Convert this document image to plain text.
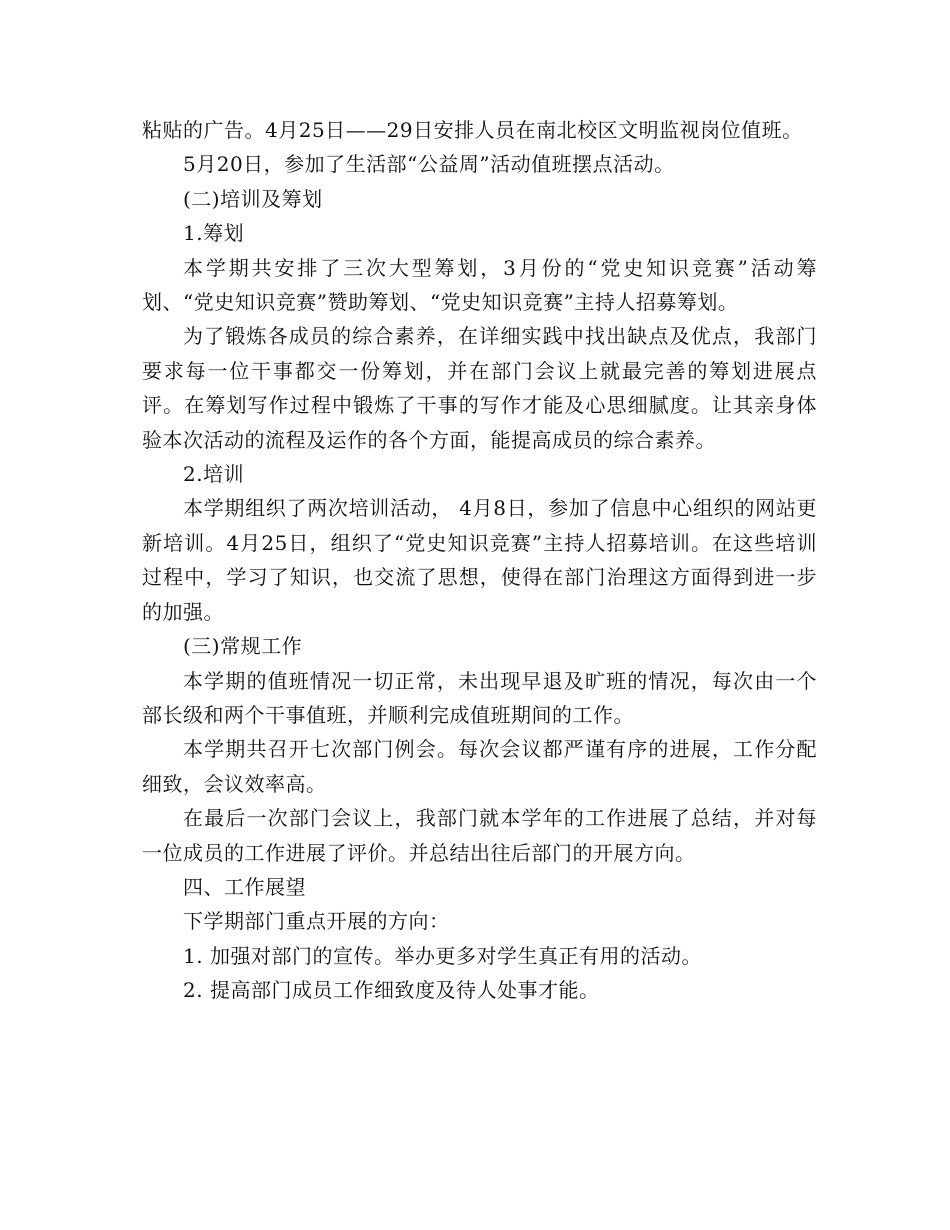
粘贴的广告。4月25日——29日安排人员在南北校区文明监视岗位值班。

5月20日，参加了生活部“公益周”活动值班摆点活动。

(二)培训及筹划

1.筹划

本学期共安排了三次大型筹划，3月份的“党史知识竞赛”活动筹划、“党史知识竞赛”赞助筹划、“党史知识竞赛”主持人招募筹划。

为了锻炼各成员的综合素养，在详细实践中找出缺点及优点，我部门要求每一位干事都交一份筹划，并在部门会议上就最完善的筹划进展点评。在筹划写作过程中锻炼了干事的写作才能及心思细腻度。让其亲身体验本次活动的流程及运作的各个方面，能提高成员的综合素养。

2.培训

本学期组织了两次培训活动， 4月8日，参加了信息中心组织的网站更新培训。4月25日，组织了“党史知识竞赛”主持人招募培训。在这些培训过程中，学习了知识，也交流了思想，使得在部门治理这方面得到进一步的加强。

(三)常规工作

本学期的值班情况一切正常，未出现早退及旷班的情况，每次由一个部长级和两个干事值班，并顺利完成值班期间的工作。

本学期共召开七次部门例会。每次会议都严谨有序的进展，工作分配细致，会议效率高。

在最后一次部门会议上，我部门就本学年的工作进展了总结，并对每一位成员的工作进展了评价。并总结出往后部门的开展方向。

四、工作展望

下学期部门重点开展的方向：

1. 加强对部门的宣传。举办更多对学生真正有用的活动。

2. 提高部门成员工作细致度及待人处事才能。
